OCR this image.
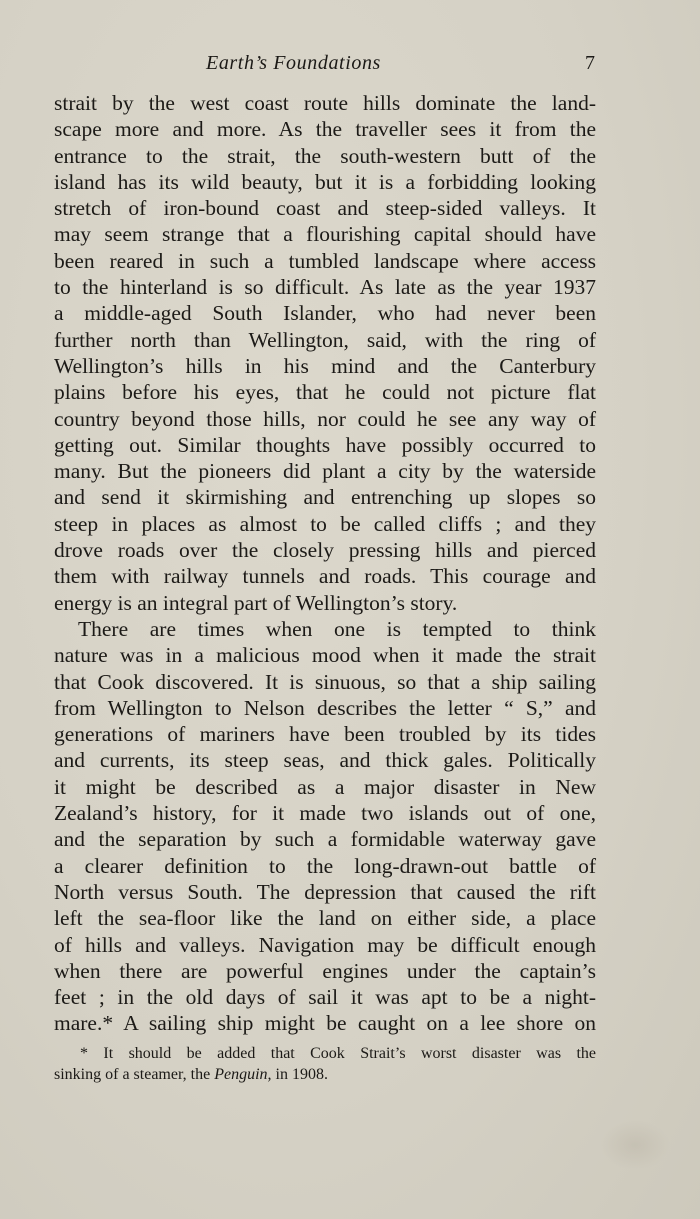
Earth’s Foundations	7
strait by the west coast route hills dominate the land-
scape more and more. As the traveller sees it from the
entrance to the strait, the south-western butt of the
island has its wild beauty, but it is a forbidding looking
stretch of iron-bound coast and steep-sided valleys. It
may seem strange that a flourishing capital should have
been reared in such a tumbled landscape where access
to the hinterland is so difficult. As late as the year 1937
a middle-aged South Islander, who had never been
further north than Wellington, said, with the ring of
Wellington’s hills in his mind and the Canterbury
plains before his eyes, that he could not picture flat
country beyond those hills, nor could he see any way of
getting out. Similar thoughts have possibly occurred to
many. But the pioneers did plant a city by the waterside
and send it skirmishing and entrenching up slopes so
steep in places as almost to be called cliffs ; and they
drove roads over the closely pressing hills and pierced
them with railway tunnels and roads. This courage and
energy is an integral part of Wellington’s story.
There are times when one is tempted to think
nature was in a malicious mood when it made the strait
that Cook discovered. It is sinuous, so that a ship sailing
from Wellington to Nelson describes the letter “ S,” and
generations of mariners have been troubled by its tides
and currents, its steep seas, and thick gales. Politically
it might be described as a major disaster in New
Zealand’s history, for it made two islands out of one,
and the separation by such a formidable waterway gave
a clearer definition to the long-drawn-out battle of
North versus South. The depression that caused the rift
left the sea-floor like the land on either side, a place
of hills and valleys. Navigation may be difficult enough
when there are powerful engines under the captain’s
feet ; in the old days of sail it was apt to be a night-
mare.* A sailing ship might be caught on a lee shore on
* It should be added that Cook Strait’s worst disaster was the
sinking of a steamer, the Penguin, in 1908.
